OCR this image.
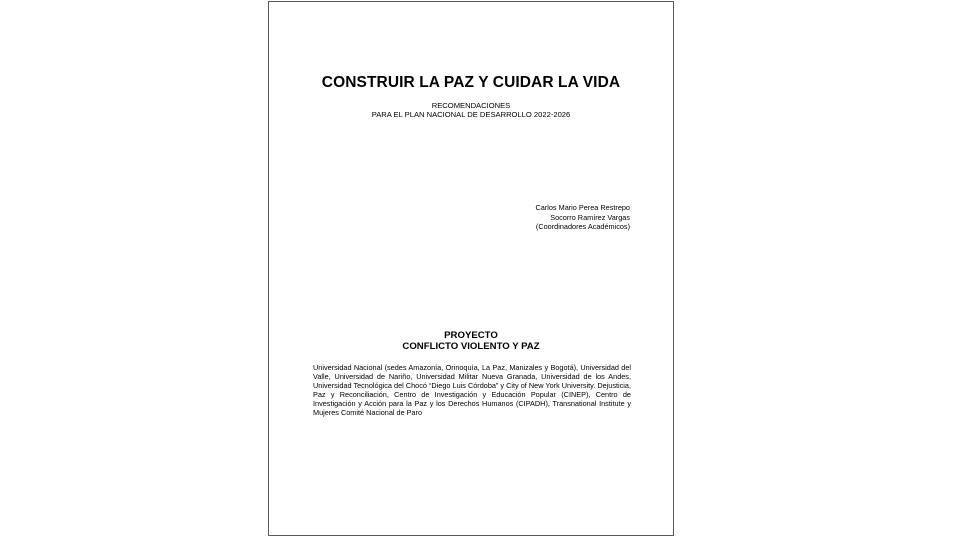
CONSTRUIR LA PAZ Y CUIDAR LA VIDA

RECOMENDACIONES

PARA EL PLAN NACIONAL DE DESARROLLO 2022-2026

Carlos Mario Perea Restrepo
Socorro Ramírez Vargas
(Coordinadores Académicos)

PROYECTO

CONFLICTO VIOLENTO Y PAZ

Universidad Nacional (sedes Amazonía, Orinoquía, La Paz, Manizales y Bogotá), Universidad del Valle, Universidad de Nariño, Universidad Militar Nueva Granada, Universidad de los Andes, Universidad Tecnológica del Chocó “Diego Luis Córdoba” y City of New York University. Dejusticia, Paz y Reconciliación, Centro de Investigación y Educación Popular (CINEP), Centro de Investigación y Acción para la Paz y los Derechos Humanos (CIPADH), Transnational Institute y Mujeres Comité Nacional de Paro
